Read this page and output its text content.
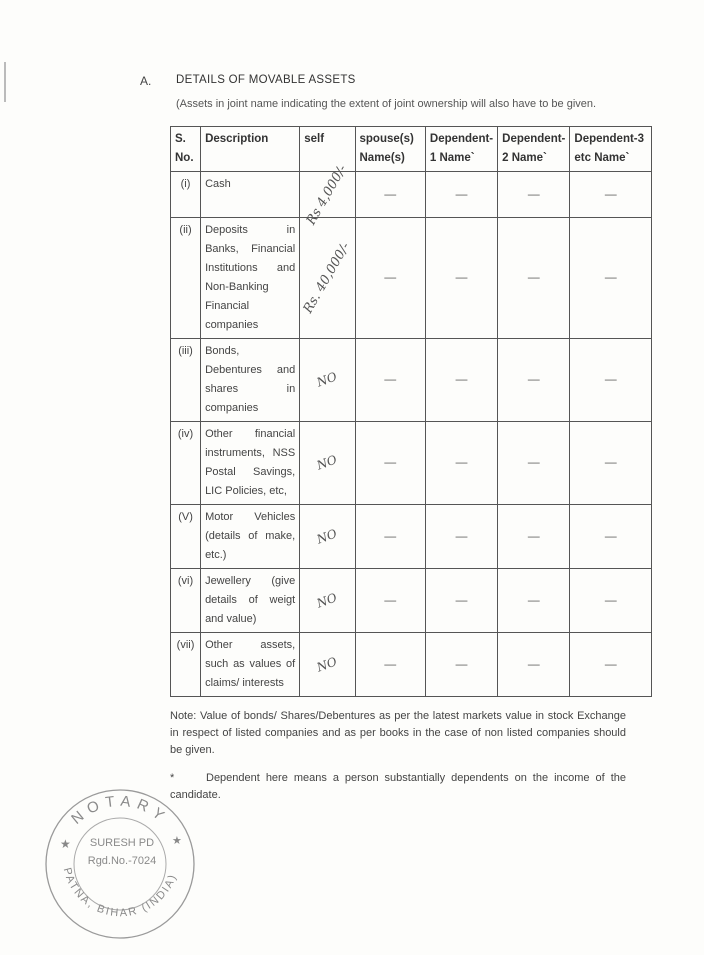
A. DETAILS OF MOVABLE ASSETS
(Assets in joint name indicating the extent of joint ownership will also have to be given.
S. No.	Description	self	spouse(s) Name(s)	Dependent-1 Name`	Dependent-2 Name`	Dependent-3 etc Name`
(i)	Cash	Rs 4,000/-	—	—	—	—

(ii)	Deposits in Banks, Financial Institutions and Non-Banking Financial companies	Rs. 40,000/-	—	—	—	—

(iii)	Bonds, Debentures and shares in companies	NO	—	—	—	—

(iv)	Other financial instruments, NSS Postal Savings, LIC Policies, etc,	NO	—	—	—	—

(V)	Motor Vehicles (details of make, etc.)	NO	—	—	—	—

(vi)	Jewellery (give details of weigt and value)	NO	—	—	—	—

(vii)	Other assets, such as values of claims/ interests	NO	—	—	—	—
Note: Value of bonds/ Shares/Debentures as per the latest markets value in stock Exchange in respect of listed companies and as per books in the case of non listed companies should be given.
*	Dependent here means a person substantially dependents on the income of the candidate.
NOTARY
PATNA, BIHAR (INDIA)
★	★
SURESH PD
Rgd.No.-7024
